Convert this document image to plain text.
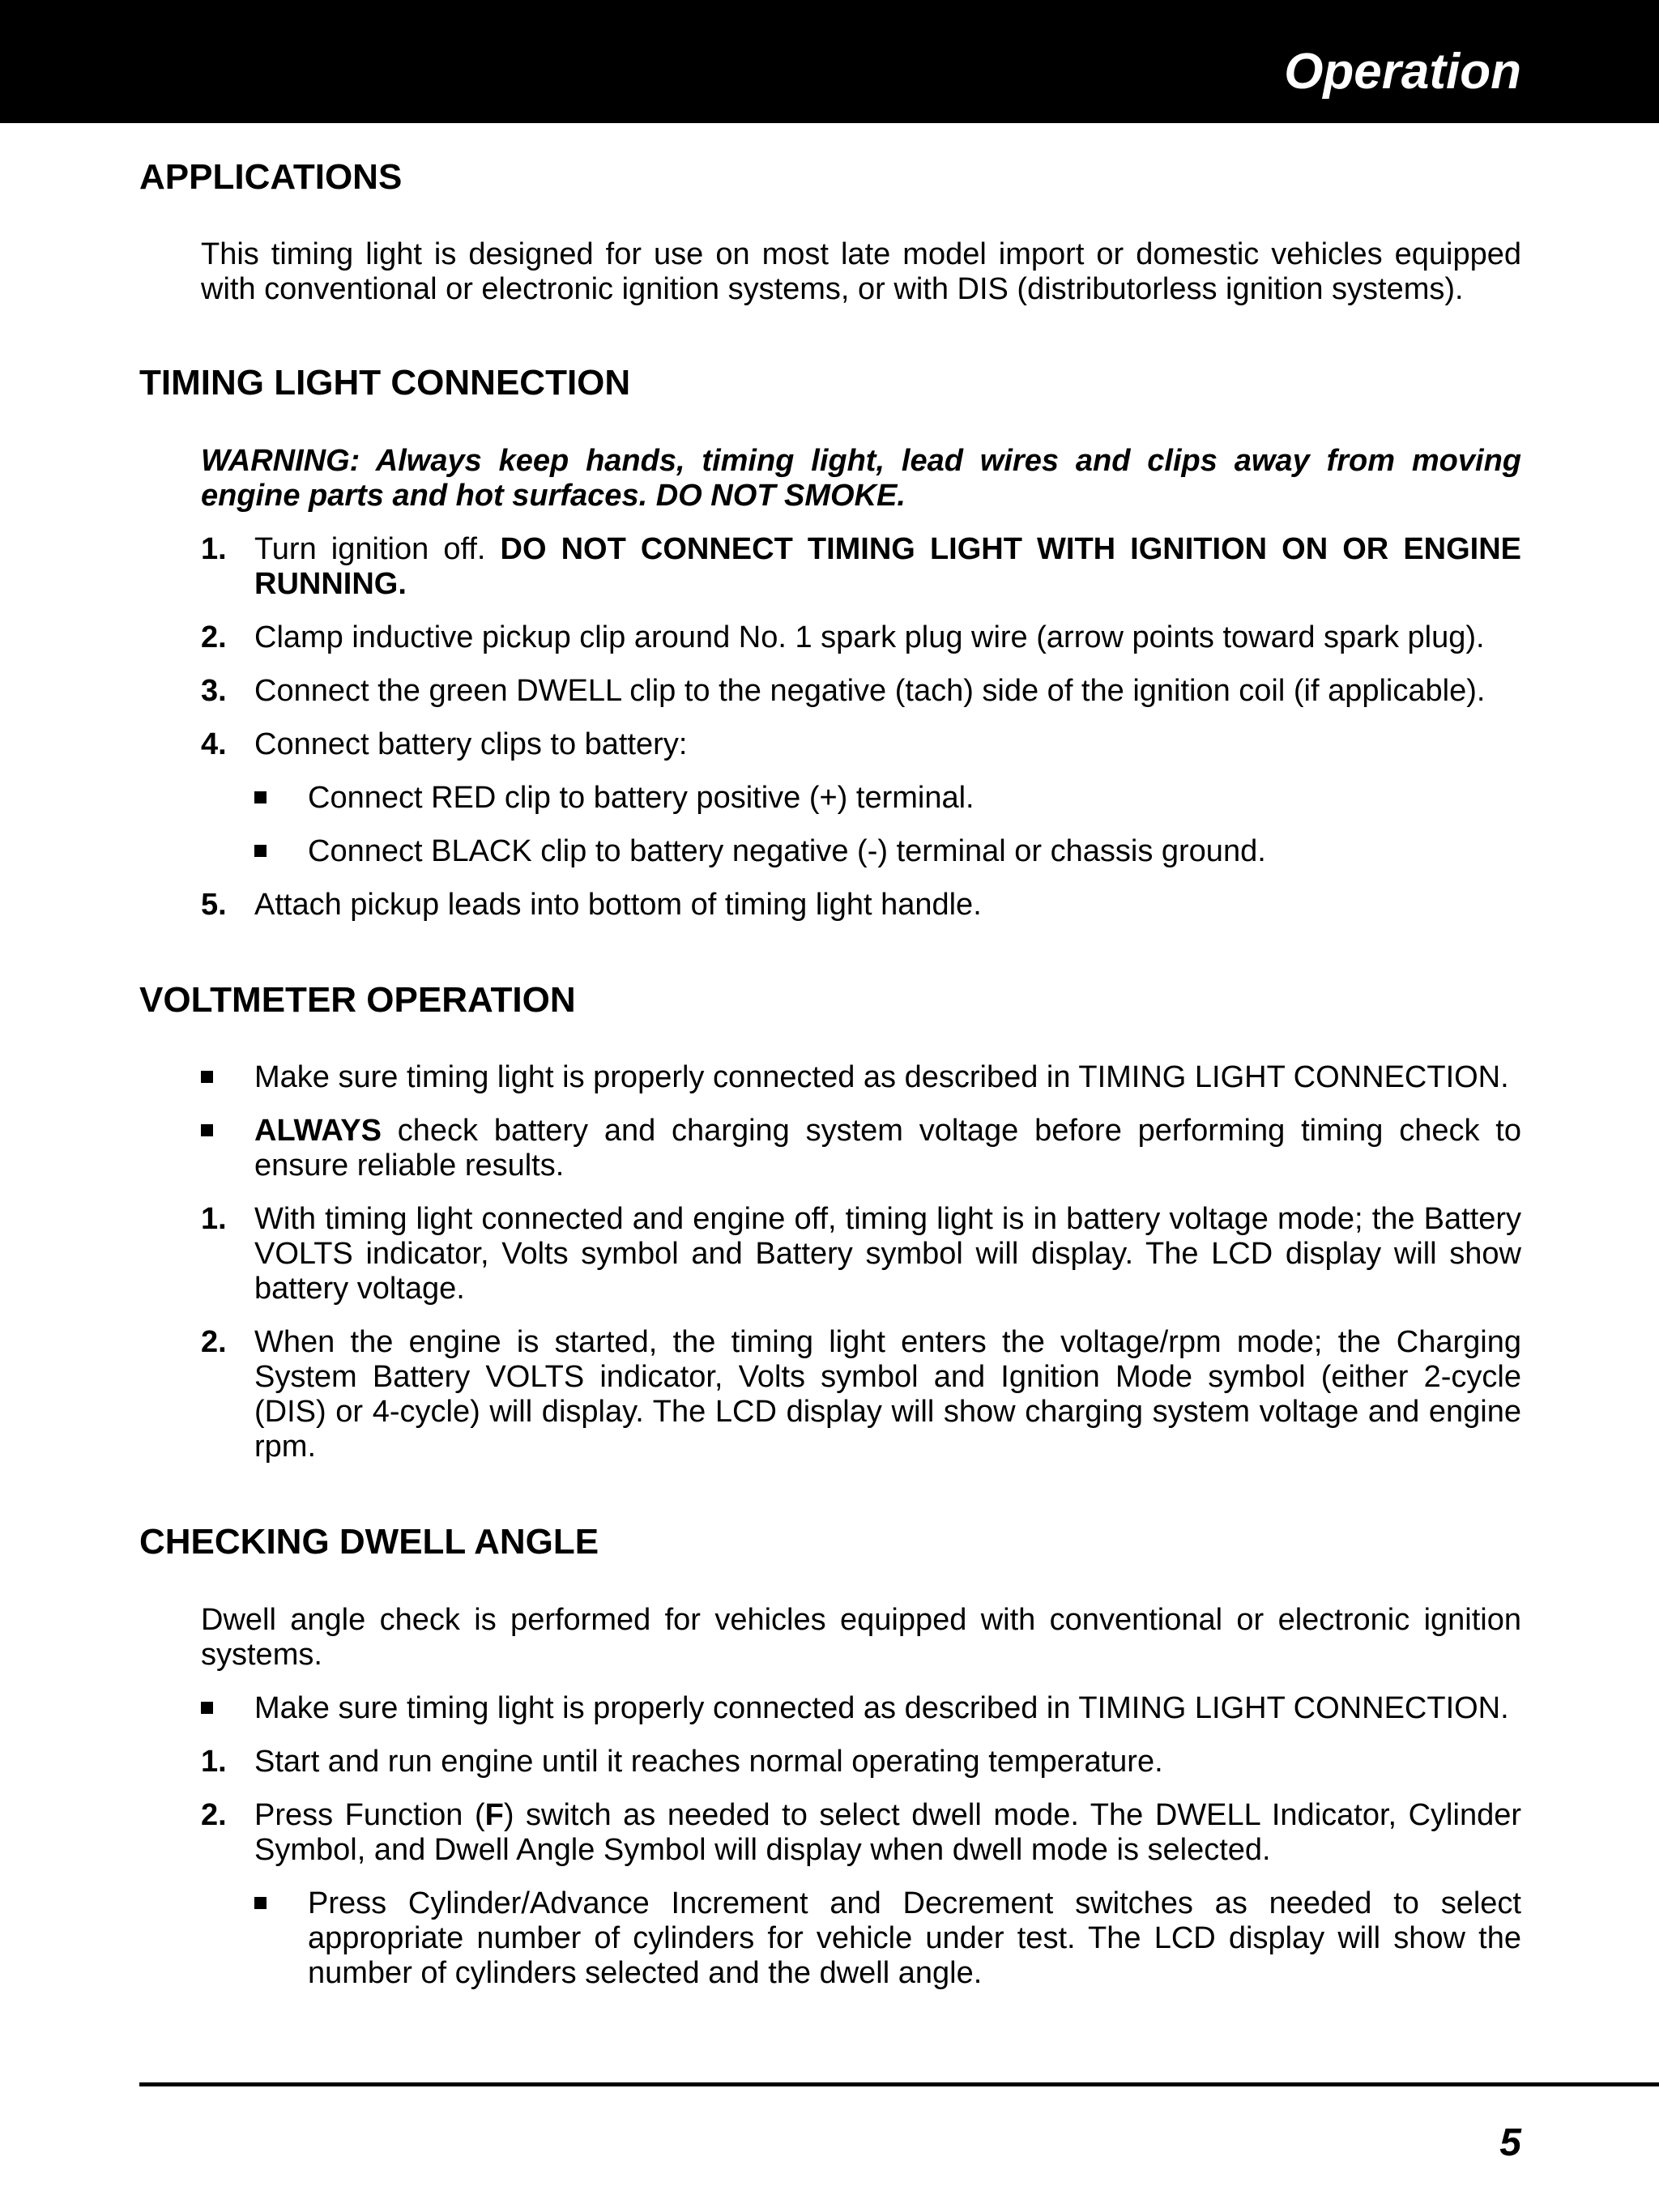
Operation
APPLICATIONS

This timing light is designed for use on most late model import or domestic vehicles equipped with conventional or electronic ignition systems, or with DIS (distributorless ignition systems).

TIMING LIGHT CONNECTION

WARNING: Always keep hands, timing light, lead wires and clips away from moving engine parts and hot surfaces. DO NOT SMOKE.

1. Turn ignition off. DO NOT CONNECT TIMING LIGHT WITH IGNITION ON OR ENGINE RUNNING.
2. Clamp inductive pickup clip around No. 1 spark plug wire (arrow points toward spark plug).
3. Connect the green DWELL clip to the negative (tach) side of the ignition coil (if applicable).
4. Connect battery clips to battery:
Connect RED clip to battery positive (+) terminal.
Connect BLACK clip to battery negative (-) terminal or chassis ground.
5. Attach pickup leads into bottom of timing light handle.
VOLTMETER OPERATION
Make sure timing light is properly connected as described in TIMING LIGHT CONNECTION.
ALWAYS check battery and charging system voltage before performing timing check to ensure reliable results.
1. With timing light connected and engine off, timing light is in battery voltage mode; the Battery VOLTS indicator, Volts symbol and Battery symbol will display. The LCD display will show battery voltage.
2. When the engine is started, the timing light enters the voltage/rpm mode; the Charging System Battery VOLTS indicator, Volts symbol and Ignition Mode symbol (either 2-cycle (DIS) or 4-cycle) will display. The LCD display will show charging system voltage and engine rpm.
CHECKING DWELL ANGLE

Dwell angle check is performed for vehicles equipped with conventional or electronic ignition systems.

Make sure timing light is properly connected as described in TIMING LIGHT CONNECTION.
1. Start and run engine until it reaches normal operating temperature.
2. Press Function (F) switch as needed to select dwell mode. The DWELL Indicator, Cylinder Symbol, and Dwell Angle Symbol will display when dwell mode is selected.
Press Cylinder/Advance Increment and Decrement switches as needed to select appropriate number of cylinders for vehicle under test. The LCD display will show the number of cylinders selected and the dwell angle.
5
